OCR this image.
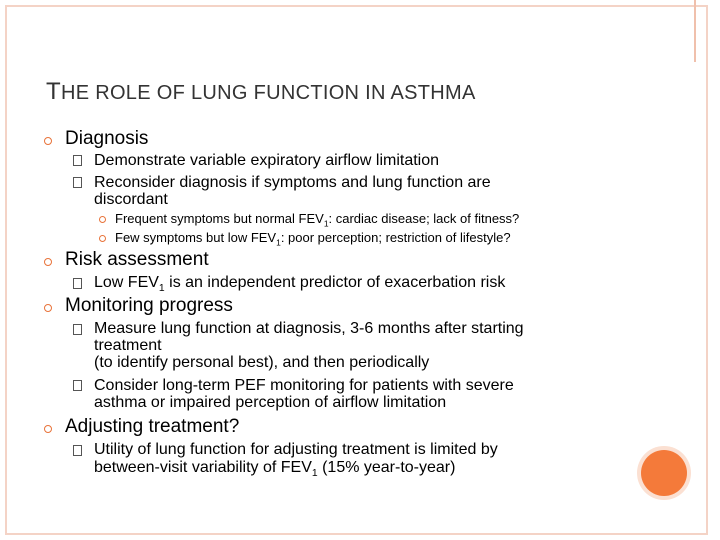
THE ROLE OF LUNG FUNCTION IN ASTHMA
Diagnosis
Demonstrate variable expiratory airflow limitation
Reconsider diagnosis if symptoms and lung function are
discordant
Frequent symptoms but normal $FEV_1$: cardiac disease; lack of fitness?
Few symptoms but low $FEV_1$: poor perception; restriction of lifestyle?
Risk assessment
Low $FEV_1$ is an independent predictor of exacerbation risk
Monitoring progress
Measure lung function at diagnosis, 3-6 months after starting
treatment
(to identify personal best), and then periodically
Consider long-term PEF monitoring for patients with severe
asthma or impaired perception of airflow limitation
Adjusting treatment?
Utility of lung function for adjusting treatment is limited by
between-visit variability of $FEV_1$ (15% year-to-year)
